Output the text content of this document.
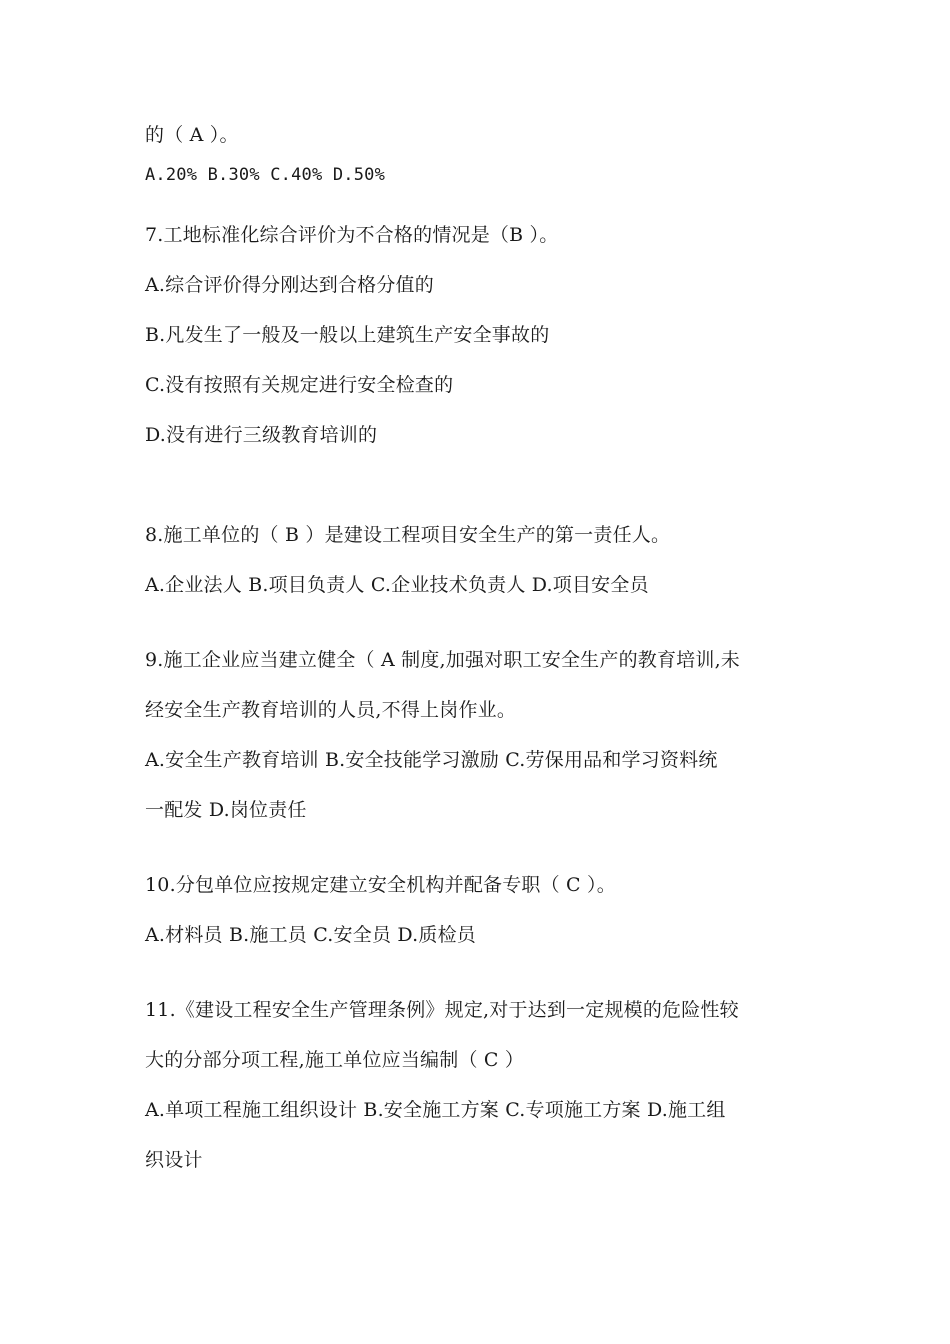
的（ A ）。
A.20% B.30% C.40% D.50%
7.工地标准化综合评价为不合格的情况是（B ）。
A.综合评价得分刚达到合格分值的
B.凡发生了一般及一般以上建筑生产安全事故的
C.没有按照有关规定进行安全检查的
D.没有进行三级教育培训的
8.施工单位的（ B ）是建设工程项目安全生产的第一责任人。
A.企业法人 B.项目负责人 C.企业技术负责人 D.项目安全员
9.施工企业应当建立健全（ A 制度,加强对职工安全生产的教育培训,未
经安全生产教育培训的人员,不得上岗作业。
A.安全生产教育培训 B.安全技能学习激励 C.劳保用品和学习资料统
一配发 D.岗位责任
10.分包单位应按规定建立安全机构并配备专职（ C ）。
A.材料员 B.施工员 C.安全员 D.质检员
11.《建设工程安全生产管理条例》规定,对于达到一定规模的危险性较
大的分部分项工程,施工单位应当编制（ C ）
A.单项工程施工组织设计 B.安全施工方案 C.专项施工方案 D.施工组
织设计
